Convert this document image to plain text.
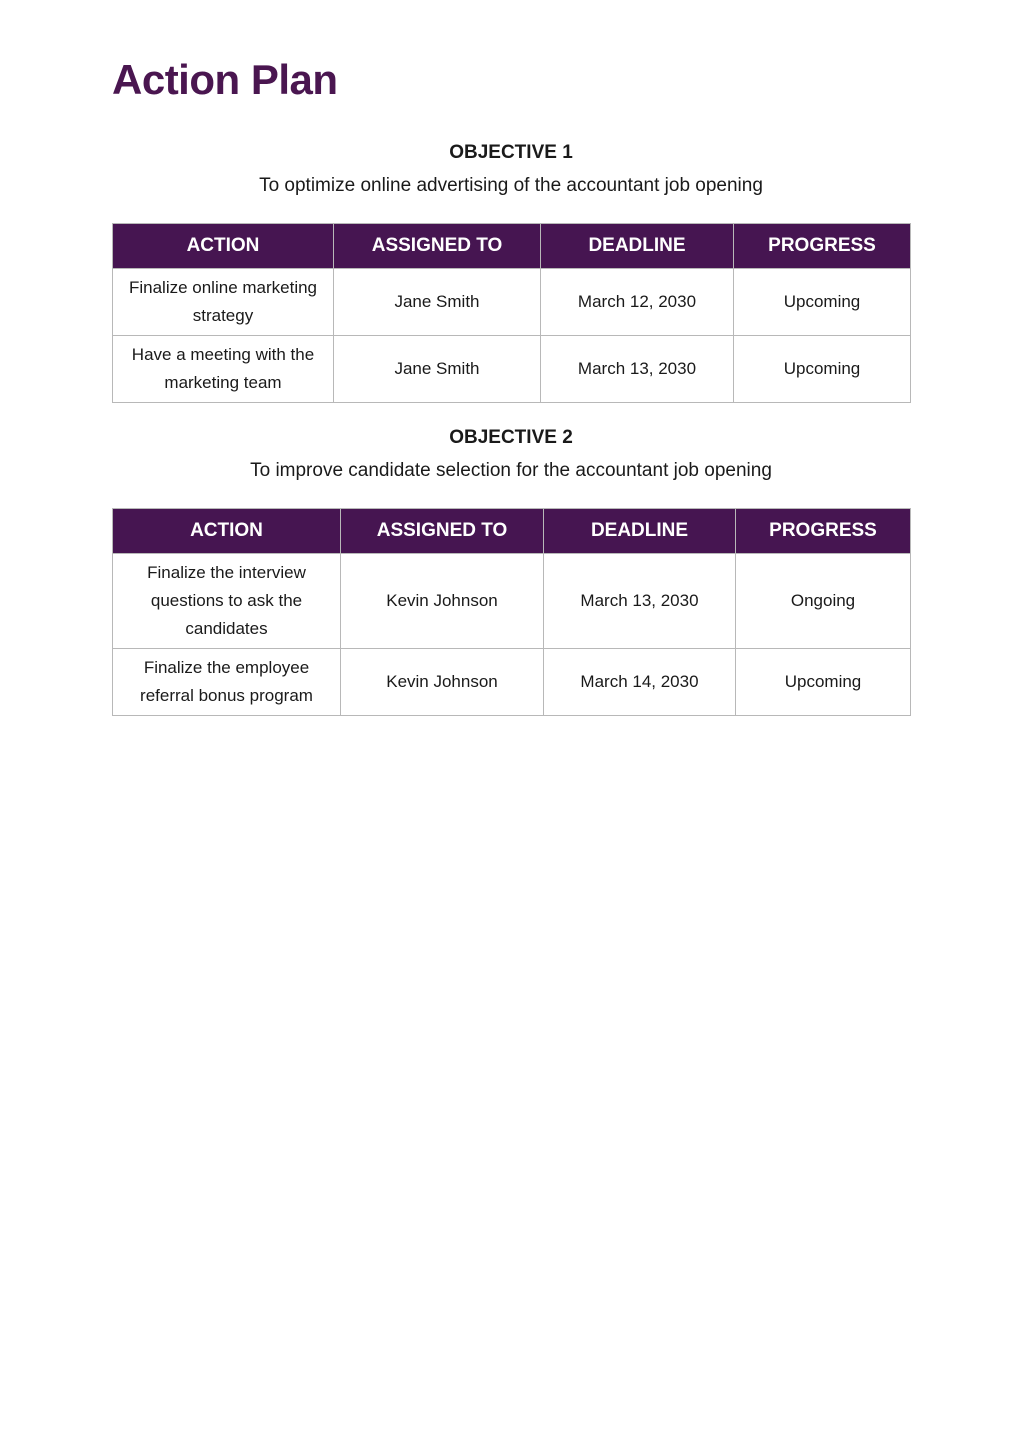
Action Plan
OBJECTIVE 1
To optimize online advertising of the accountant job opening
ACTION	ASSIGNED TO	DEADLINE	PROGRESS
Finalize online marketing strategy	Jane Smith	March 12, 2030	Upcoming
Have a meeting with the marketing team	Jane Smith	March 13, 2030	Upcoming
OBJECTIVE 2
To improve candidate selection for the accountant job opening
ACTION	ASSIGNED TO	DEADLINE	PROGRESS
Finalize the interview questions to ask the candidates	Kevin Johnson	March 13, 2030	Ongoing
Finalize the employee referral bonus program	Kevin Johnson	March 14, 2030	Upcoming
